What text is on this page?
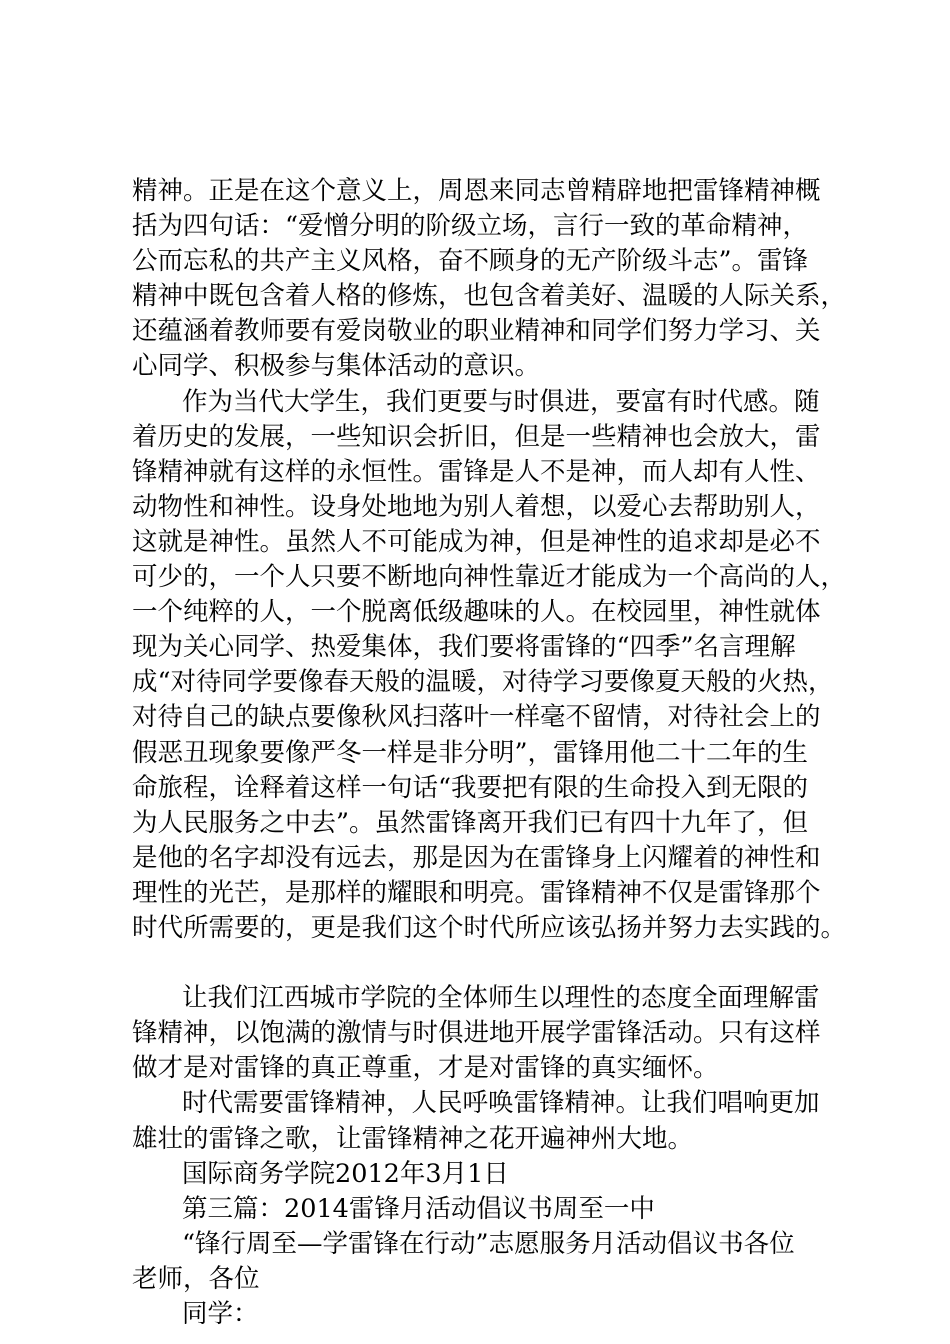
精神。正是在这个意义上，周恩来同志曾精辟地把雷锋精神概
括为四句话：“爱憎分明的阶级立场，言行一致的革命精神，
公而忘私的共产主义风格，奋不顾身的无产阶级斗志”。雷锋
精神中既包含着人格的修炼，也包含着美好、温暖的人际关系，
还蕴涵着教师要有爱岗敬业的职业精神和同学们努力学习、关
心同学、积极参与集体活动的意识。
作为当代大学生，我们更要与时俱进，要富有时代感。随
着历史的发展，一些知识会折旧，但是一些精神也会放大，雷
锋精神就有这样的永恒性。雷锋是人不是神，而人却有人性、
动物性和神性。设身处地地为别人着想，以爱心去帮助别人，
这就是神性。虽然人不可能成为神，但是神性的追求却是必不
可少的，一个人只要不断地向神性靠近才能成为一个高尚的人，
一个纯粹的人，一个脱离低级趣味的人。在校园里，神性就体
现为关心同学、热爱集体，我们要将雷锋的“四季”名言理解
成“对待同学要像春天般的温暖，对待学习要像夏天般的火热，
对待自己的缺点要像秋风扫落叶一样毫不留情，对待社会上的
假恶丑现象要像严冬一样是非分明”，雷锋用他二十二年的生
命旅程，诠释着这样一句话“我要把有限的生命投入到无限的
为人民服务之中去”。虽然雷锋离开我们已有四十九年了，但
是他的名字却没有远去，那是因为在雷锋身上闪耀着的神性和
理性的光芒，是那样的耀眼和明亮。雷锋精神不仅是雷锋那个
时代所需要的，更是我们这个时代所应该弘扬并努力去实践的。
让我们江西城市学院的全体师生以理性的态度全面理解雷
锋精神，以饱满的激情与时俱进地开展学雷锋活动。只有这样
做才是对雷锋的真正尊重，才是对雷锋的真实缅怀。
时代需要雷锋精神，人民呼唤雷锋精神。让我们唱响更加
雄壮的雷锋之歌，让雷锋精神之花开遍神州大地。
国际商务学院2012年3月1日
第三篇：2014雷锋月活动倡议书周至一中
“锋行周至—学雷锋在行动”志愿服务月活动倡议书各位
老师，各位
同学：
